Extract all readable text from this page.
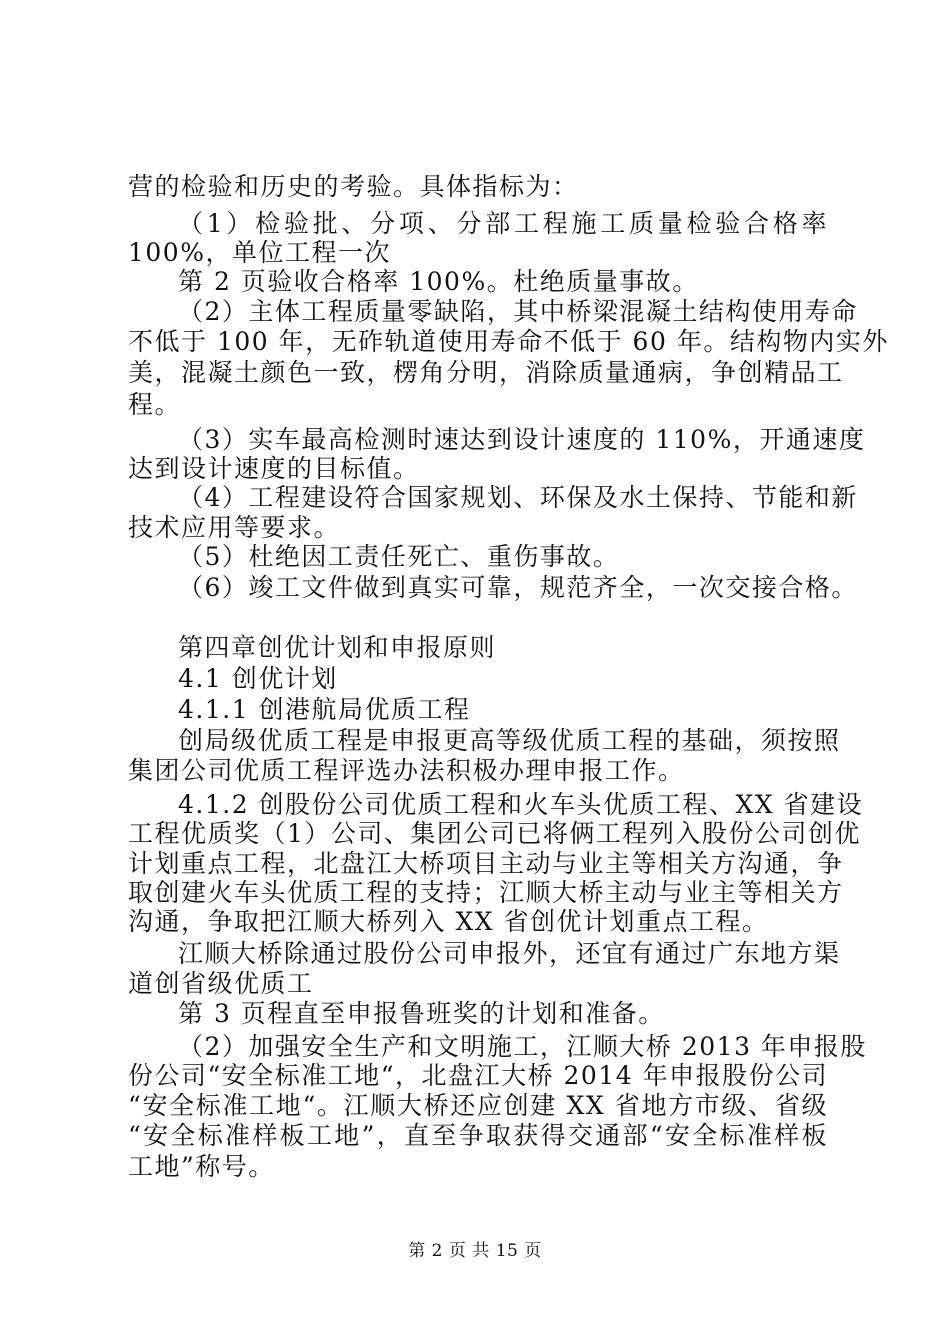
营的检验和历史的考验。具体指标为：
（1）检验批、分项、分部工程施工质量检验合格率
100%，单位工程一次
第 2 页验收合格率 100%。杜绝质量事故。
（2）主体工程质量零缺陷，其中桥梁混凝土结构使用寿命
不低于 100 年，无砟轨道使用寿命不低于 60 年。结构物内实外
美，混凝土颜色一致，楞角分明，消除质量通病，争创精品工
程。
（3）实车最高检测时速达到设计速度的 110%，开通速度
达到设计速度的目标值。
（4）工程建设符合国家规划、环保及水土保持、节能和新
技术应用等要求。
（5）杜绝因工责任死亡、重伤事故。
（6）竣工文件做到真实可靠，规范齐全，一次交接合格。
第四章创优计划和申报原则
4.1 创优计划
4.1.1 创港航局优质工程
创局级优质工程是申报更高等级优质工程的基础，须按照
集团公司优质工程评选办法积极办理申报工作。
4.1.2 创股份公司优质工程和火车头优质工程、XX 省建设
工程优质奖（1）公司、集团公司已将俩工程列入股份公司创优
计划重点工程，北盘江大桥项目主动与业主等相关方沟通，争
取创建火车头优质工程的支持；江顺大桥主动与业主等相关方
沟通，争取把江顺大桥列入 XX 省创优计划重点工程。
江顺大桥除通过股份公司申报外，还宜有通过广东地方渠
道创省级优质工
第 3 页程直至申报鲁班奖的计划和准备。
（2）加强安全生产和文明施工，江顺大桥 2013 年申报股
份公司“安全标准工地“，北盘江大桥 2014 年申报股份公司
“安全标准工地“。江顺大桥还应创建 XX 省地方市级、省级
“安全标准样板工地”，直至争取获得交通部“安全标准样板
工地”称号。
第 2 页 共 15 页
